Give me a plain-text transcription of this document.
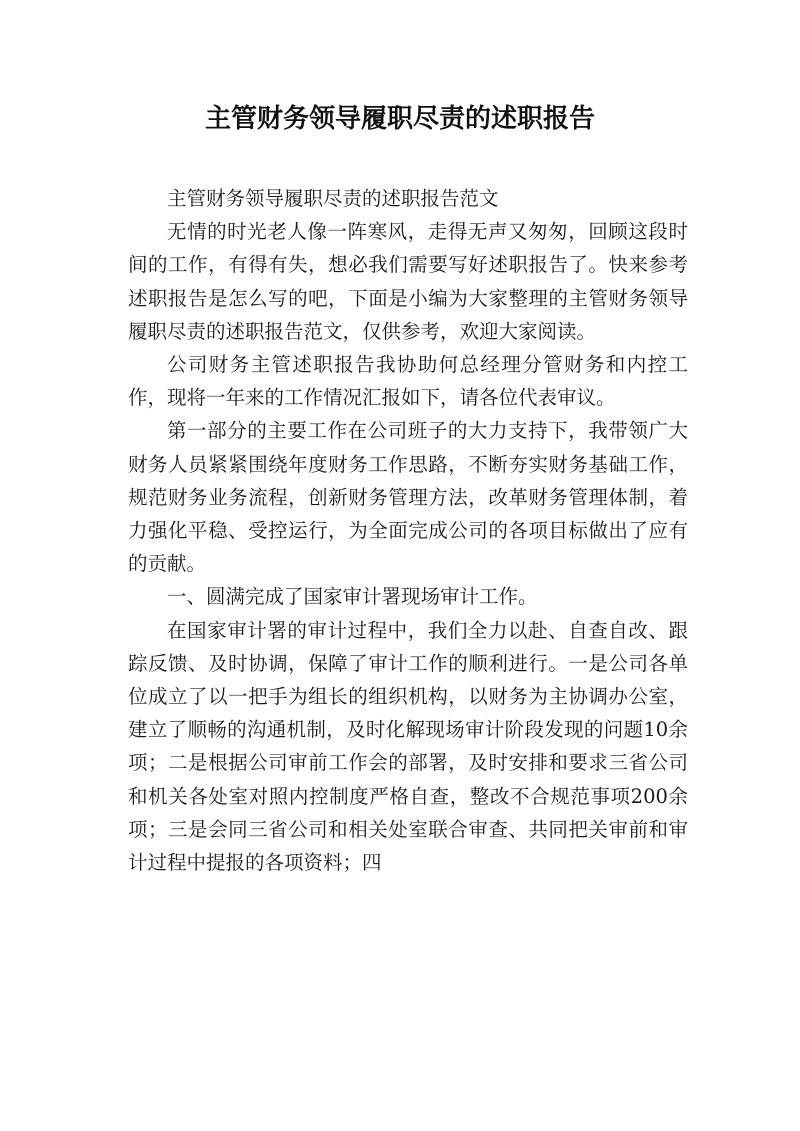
主管财务领导履职尽责的述职报告

主管财务领导履职尽责的述职报告范文

无情的时光老人像一阵寒风，走得无声又匆匆，回顾这段时间的工作，有得有失，想必我们需要写好述职报告了。快来参考述职报告是怎么写的吧，下面是小编为大家整理的主管财务领导履职尽责的述职报告范文，仅供参考，欢迎大家阅读。

公司财务主管述职报告我协助何总经理分管财务和内控工作，现将一年来的工作情况汇报如下，请各位代表审议。

第一部分的主要工作在公司班子的大力支持下，我带领广大财务人员紧紧围绕年度财务工作思路，不断夯实财务基础工作，规范财务业务流程，创新财务管理方法，改革财务管理体制，着力强化平稳、受控运行，为全面完成公司的各项目标做出了应有的贡献。

一、圆满完成了国家审计署现场审计工作。

在国家审计署的审计过程中，我们全力以赴、自查自改、跟踪反馈、及时协调，保障了审计工作的顺利进行。一是公司各单位成立了以一把手为组长的组织机构，以财务为主协调办公室，建立了顺畅的沟通机制，及时化解现场审计阶段发现的问题10余项；二是根据公司审前工作会的部署，及时安排和要求三省公司和机关各处室对照内控制度严格自查，整改不合规范事项200余项；三是会同三省公司和相关处室联合审查、共同把关审前和审计过程中提报的各项资料；四
